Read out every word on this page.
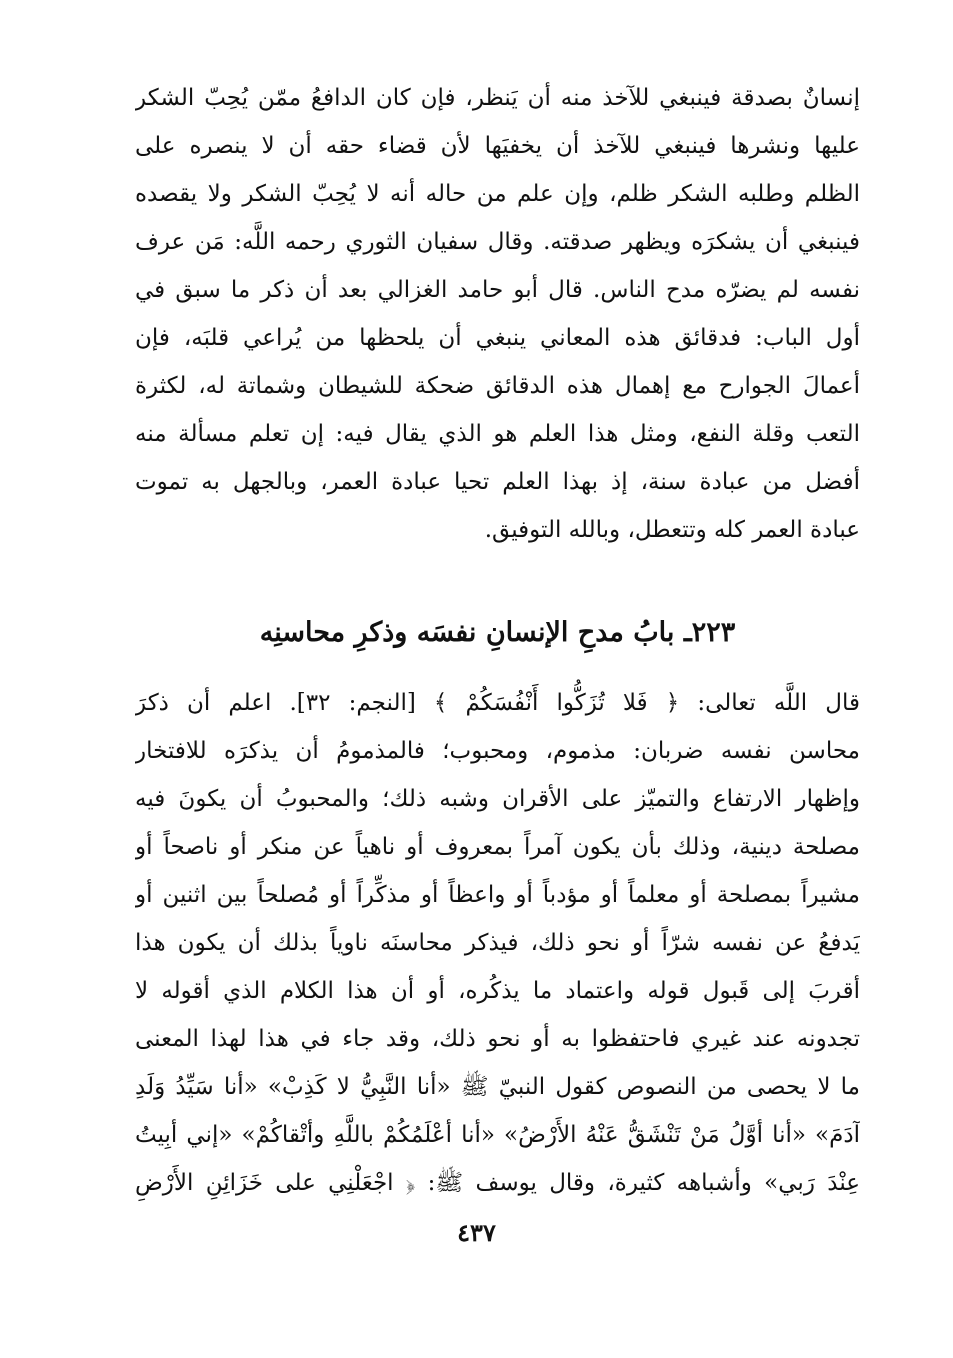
إنسانٌ بصدقة فينبغي للآخذ منه أن يَنظر، فإن كان الدافعُ ممّن يُحِبّ الشكر
عليها ونشرها فينبغي للآخذ أن يخفيَها لأن قضاء حقه أن لا ينصره على
الظلم وطلبه الشكر ظلم، وإن علم من حاله أنه لا يُحِبّ الشكر ولا يقصده
فينبغي أن يشكرَه ويظهر صدقته. وقال سفيان الثوري رحمه اللَّه: مَن عرف
نفسه لم يضرّه مدح الناس. قال أبو حامد الغزالي بعد أن ذكر ما سبق في
أول الباب: فدقائق هذه المعاني ينبغي أن يلحظها من يُراعي قلبَه، فإن
أعمالَ الجوارح مع إهمال هذه الدقائق ضحكة للشيطان وشماتة له، لكثرة
التعب وقلة النفع، ومثل هذا العلم هو الذي يقال فيه: إن تعلم مسألة منه
أفضل من عبادة سنة، إذ بهذا العلم تحيا عبادة العمر، وبالجهل به تموت
عبادة العمر كله وتتعطل، وبالله التوفيق.
٢٢٣ـ بابُ مدحِ الإنسانِ نفسَه وذكرِ محاسنِه
قال اللَّه تعالى: ﴿ فَلا تُزَكُّوا أَنْفُسَكُمْ ﴾ [النجم: ٣٢]. اعلم أن ذكرَ
محاسن نفسه ضربان: مذموم، ومحبوب؛ فالمذمومُ أن يذكرَه للافتخار
وإظهار الارتفاع والتميّز على الأقران وشبه ذلك؛ والمحبوبُ أن يكونَ فيه
مصلحة دينية، وذلك بأن يكون آمراً بمعروف أو ناهياً عن منكر أو ناصحاً أو
مشيراً بمصلحة أو معلماً أو مؤدباً أو واعظاً أو مذكِّراً أو مُصلحاً بين اثنين أو
يَدفعُ عن نفسه شرّاً أو نحو ذلك، فيذكر محاسنَه ناوياً بذلك أن يكون هذا
أقربَ إلى قَبول قوله واعتماد ما يذكُره، أو أن هذا الكلام الذي أقوله لا
تجدونه عند غيري فاحتفظوا به أو نحو ذلك، وقد جاء في هذا لهذا المعنى
ما لا يحصى من النصوص كقول النبيّ ﷺ «أنا النَّبِيُّ لا كَذِبْ» «أنا سَيِّدُ وَلَدِ
آدَمَ» «أنا أوَّلُ مَنْ تَنْشَقُّ عَنْهُ الأَرْضُ» «أنا أعْلَمُكُمْ باللَّهِ وأتْقاكُمْ» «إني أبِيتُ
عِنْدَ رَبي» وأشباهه كثيرة، وقال يوسف ﷺ: ﴿ اجْعَلْنِي على خَزَائِنِ الأَرْضِ
٤٣٧
